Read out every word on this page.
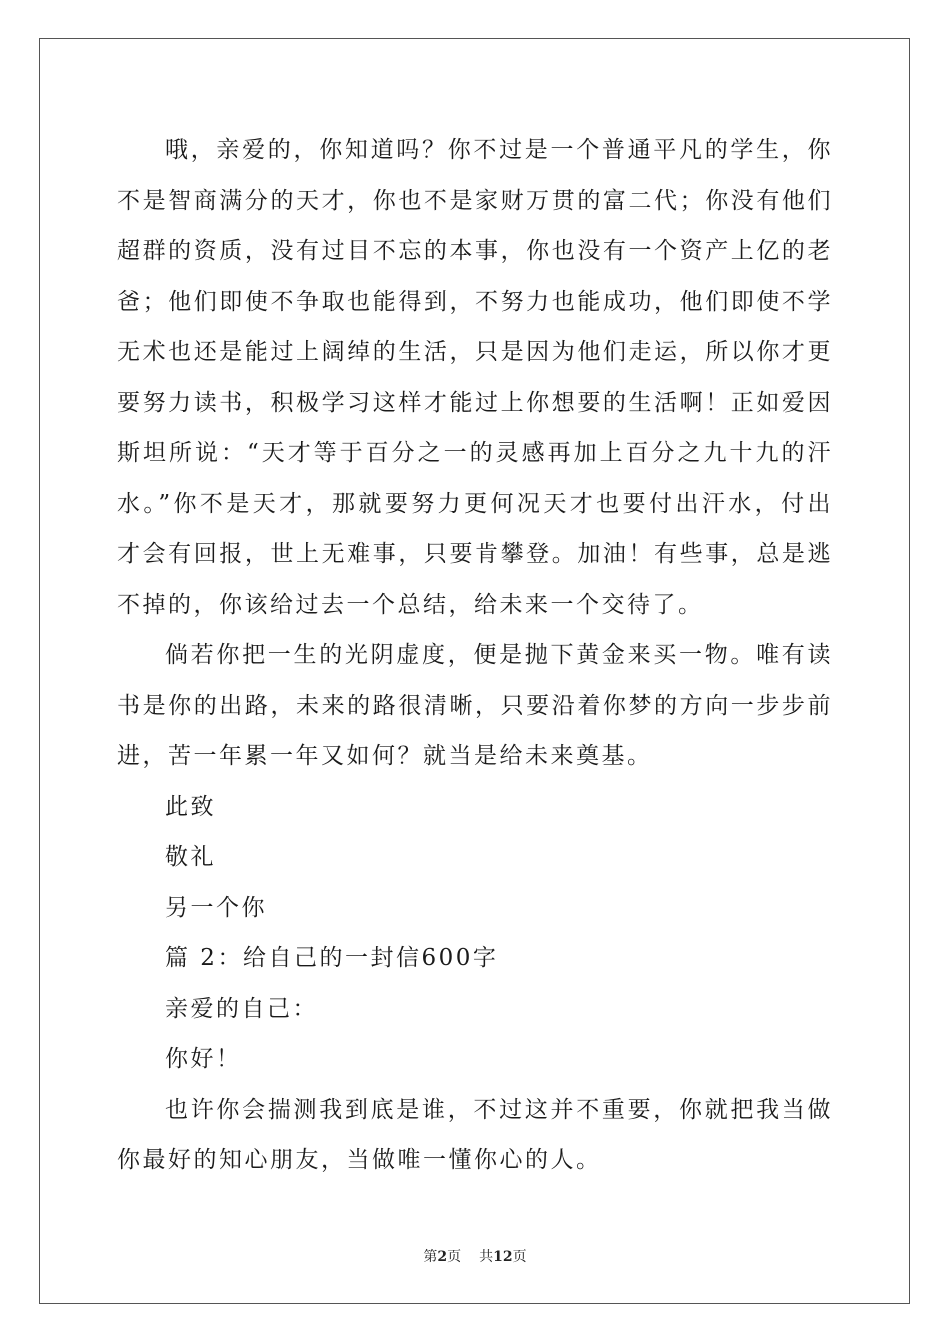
哦，亲爱的，你知道吗？你不过是一个普通平凡的学生，你不是智商满分的天才，你也不是家财万贯的富二代；你没有他们超群的资质，没有过目不忘的本事，你也没有一个资产上亿的老爸；他们即使不争取也能得到，不努力也能成功，他们即使不学无术也还是能过上阔绰的生活，只是因为他们走运，所以你才更要努力读书，积极学习这样才能过上你想要的生活啊！正如爱因斯坦所说：“天才等于百分之一的灵感再加上百分之九十九的汗水。”你不是天才，那就要努力更何况天才也要付出汗水，付出才会有回报，世上无难事，只要肯攀登。加油！有些事，总是逃不掉的，你该给过去一个总结，给未来一个交待了。

倘若你把一生的光阴虚度，便是抛下黄金来买一物。唯有读书是你的出路，未来的路很清晰，只要沿着你梦的方向一步步前进，苦一年累一年又如何？就当是给未来奠基。

此致

敬礼

另一个你

篇 2：给自己的一封信600字

亲爱的自己：

你好！

也许你会揣测我到底是谁，不过这并不重要，你就把我当做你最好的知心朋友，当做唯一懂你心的人。

第2页 共12页
